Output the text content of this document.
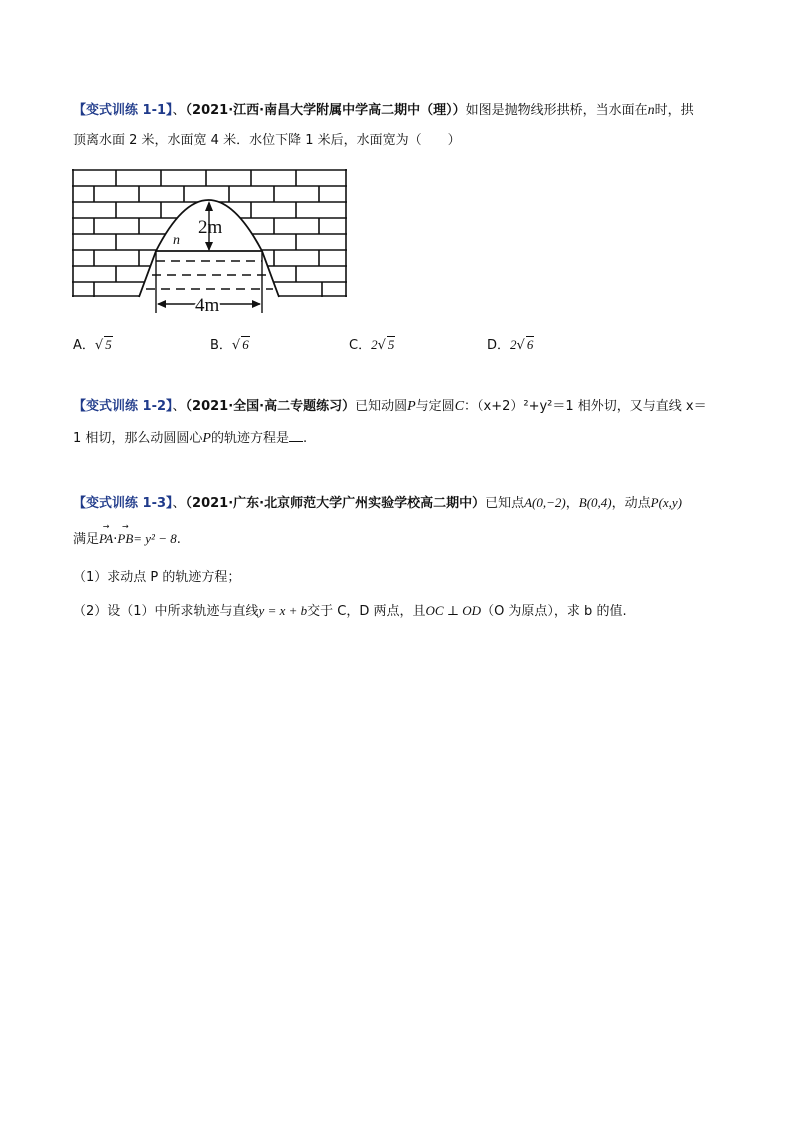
【变式训练 1-1】、（2021·江西·南昌大学附属中学高二期中（理））如图是抛物线形拱桥，当水面在n时，拱
顶离水面 2 米，水面宽 4 米．水位下降 1 米后，水面宽为（　　）
2m
n
4m
A．√ 5	B．√ 6	C．2√ 5	D．2√ 6
【变式训练 1-2】、（2021·全国·高二专题练习）已知动圆P与定圆C：（x+2）²+y²＝1 相外切，又与直线 x＝
1 相切，那么动圆圆心P的轨迹方程是 .
【变式训练 1-3】、（2021·广东·北京师范大学广州实验学校高二期中）已知点A(0,−2)，B(0,4)，动点P(x,y)
满足
→
PA·
→
PB= y² − 8.
（1）求动点 P 的轨迹方程；
（2）设（1）中所求轨迹与直线y = x + b交于 C，D 两点，且OC ⊥ OD（O 为原点），求 b 的值.
